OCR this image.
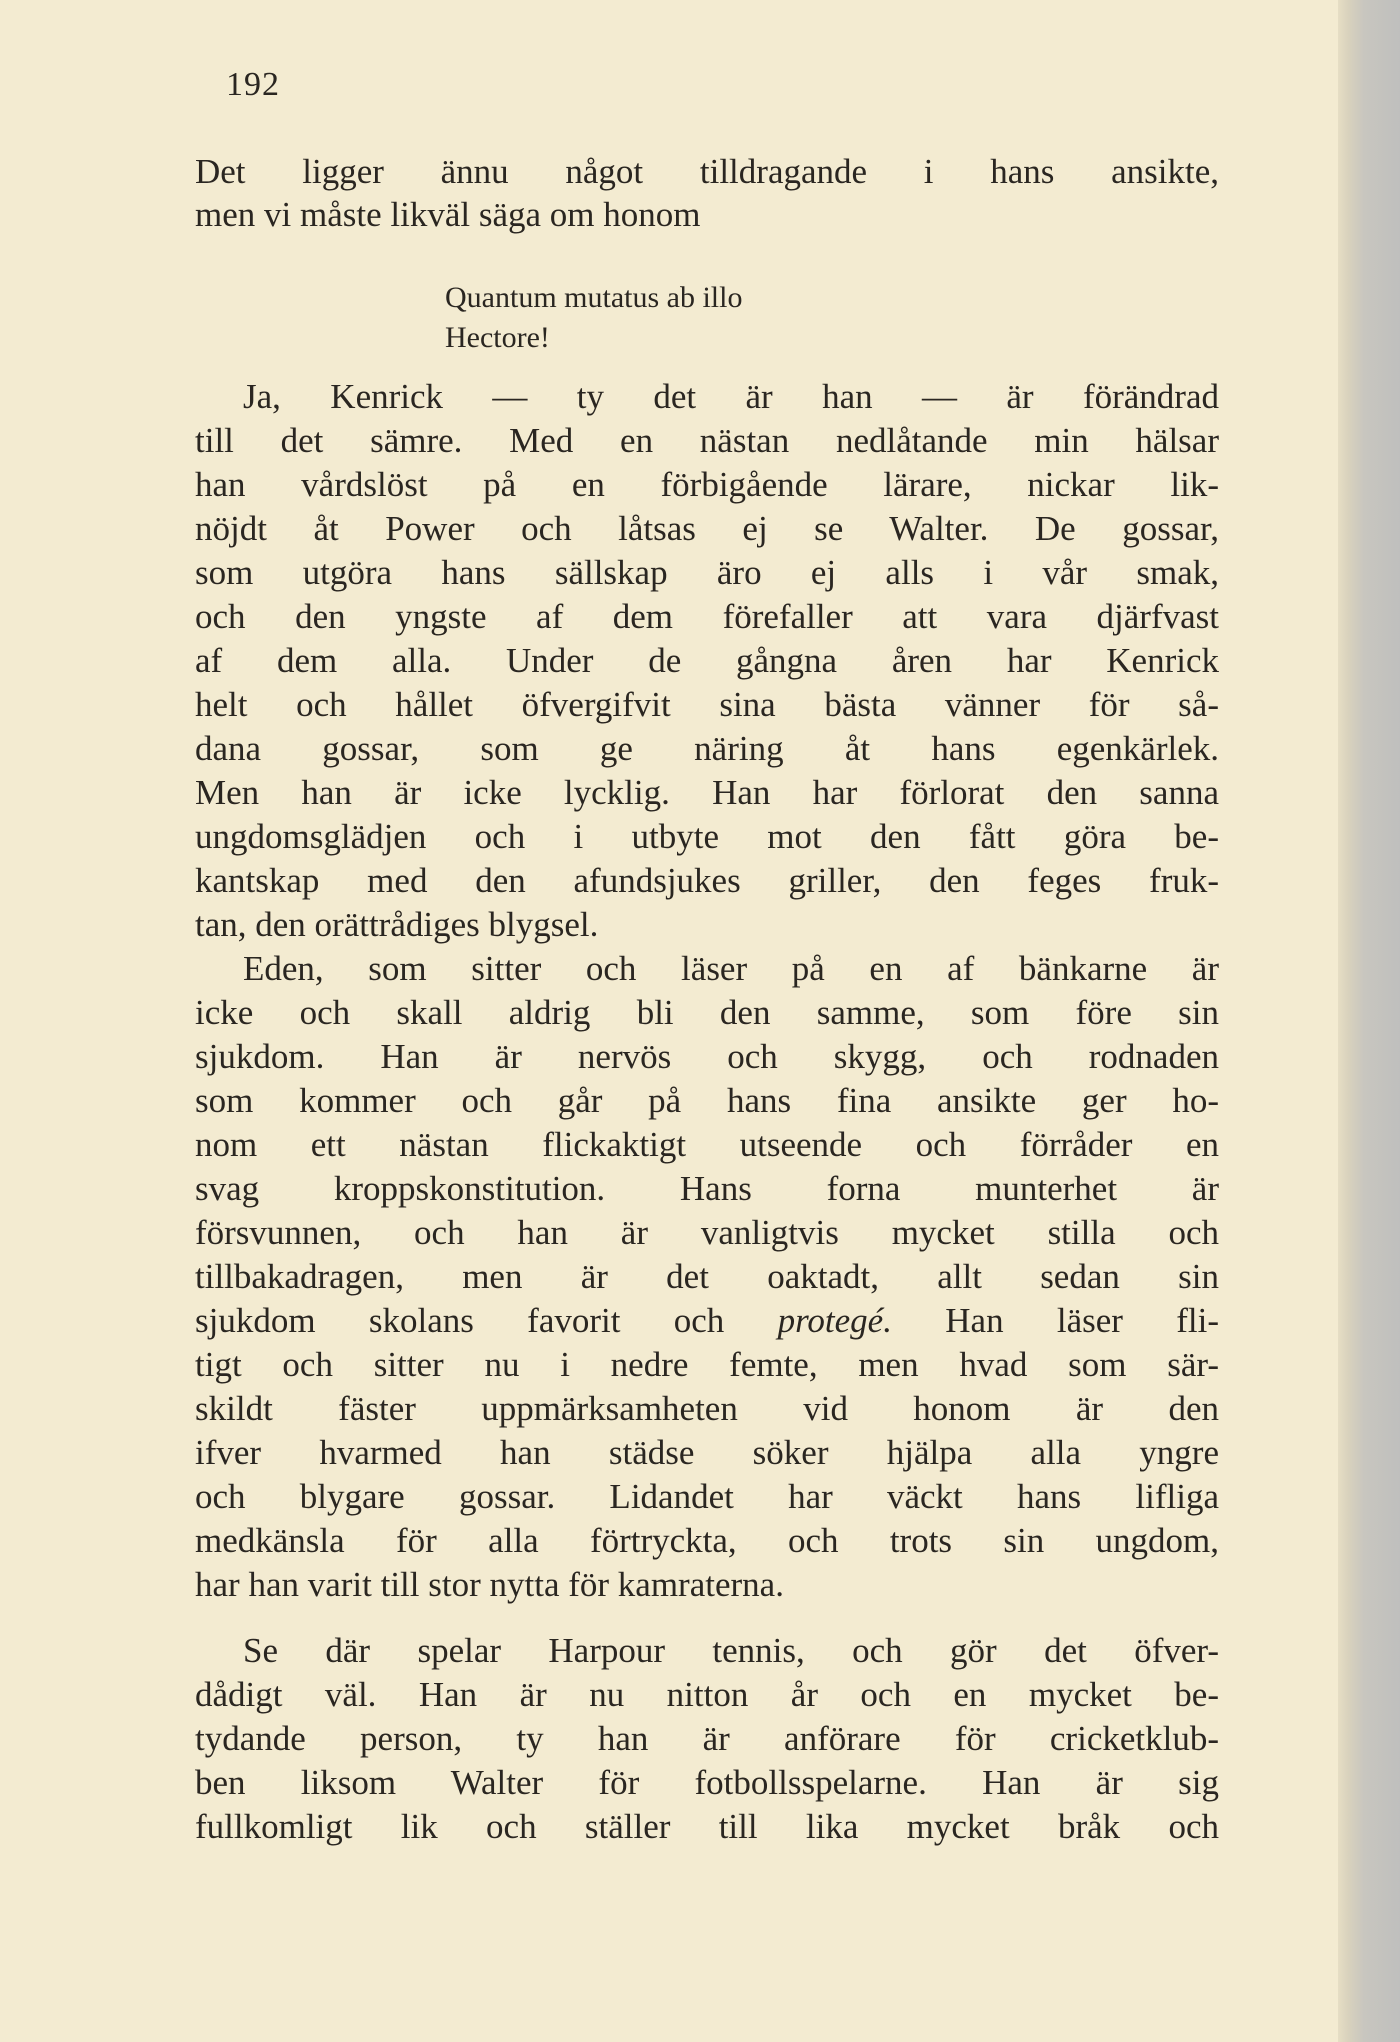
192
Det ligger ännu något tilldragande i hans ansikte,
men vi måste likväl säga om honom
Quantum mutatus ab illo
Hectore!
Ja, Kenrick — ty det är han — är förändrad
till det sämre. Med en nästan nedlåtande min hälsar
han vårdslöst på en förbigående lärare, nickar lik-
nöjdt åt Power och låtsas ej se Walter. De gossar,
som utgöra hans sällskap äro ej alls i vår smak,
och den yngste af dem förefaller att vara djärfvast
af dem alla. Under de gångna åren har Kenrick
helt och hållet öfvergifvit sina bästa vänner för så-
dana gossar, som ge näring åt hans egenkärlek.
Men han är icke lycklig. Han har förlorat den sanna
ungdomsglädjen och i utbyte mot den fått göra be-
kantskap med den afundsjukes griller, den feges fruk-
tan, den orättrådiges blygsel.
Eden, som sitter och läser på en af bänkarne är
icke och skall aldrig bli den samme, som före sin
sjukdom. Han är nervös och skygg, och rodnaden
som kommer och går på hans fina ansikte ger ho-
nom ett nästan flickaktigt utseende och förråder en
svag kroppskonstitution. Hans forna munterhet är
försvunnen, och han är vanligtvis mycket stilla och
tillbakadragen, men är det oaktadt, allt sedan sin
sjukdom skolans favorit och protegé. Han läser fli-
tigt och sitter nu i nedre femte, men hvad som sär-
skildt fäster uppmärksamheten vid honom är den
ifver hvarmed han städse söker hjälpa alla yngre
och blygare gossar. Lidandet har väckt hans lifliga
medkänsla för alla förtryckta, och trots sin ungdom,
har han varit till stor nytta för kamraterna.
Se där spelar Harpour tennis, och gör det öfver-
dådigt väl. Han är nu nitton år och en mycket be-
tydande person, ty han är anförare för cricketklub-
ben liksom Walter för fotbollsspelarne. Han är sig
fullkomligt lik och ställer till lika mycket bråk och
